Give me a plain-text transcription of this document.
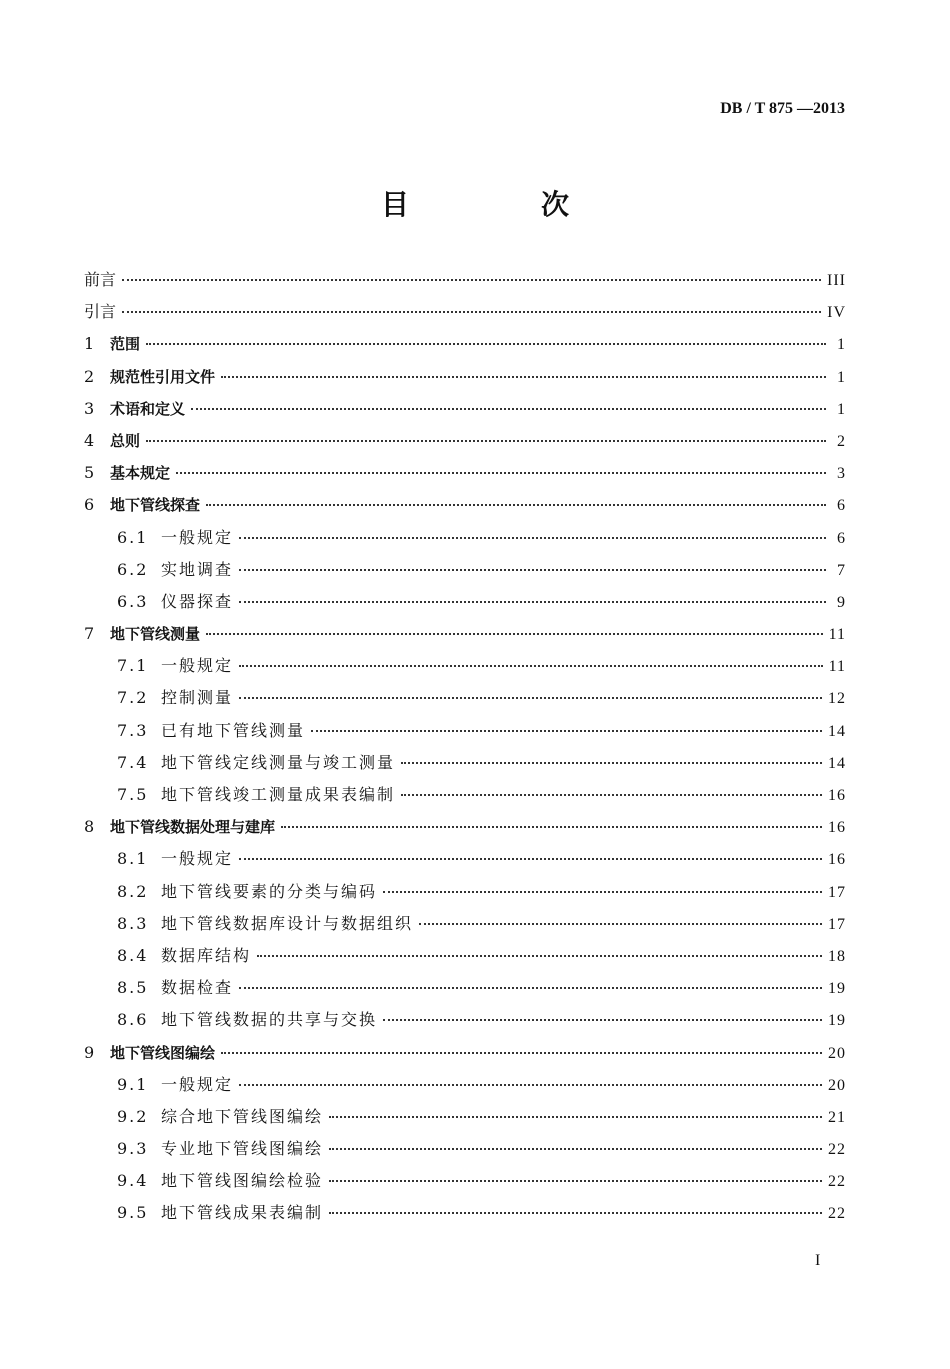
DB / T 875 —2013
目　次
前言	III
引言	IV
1	范围	1
2	规范性引用文件	1
3	术语和定义	1
4	总则	2
5	基本规定	3
6	地下管线探查	6
6.1 一般规定	6
6.2 实地调查	7
6.3 仪器探查	9
7	地下管线测量	11
7.1 一般规定	11
7.2 控制测量	12
7.3 已有地下管线测量	14
7.4 地下管线定线测量与竣工测量	14
7.5 地下管线竣工测量成果表编制	16
8	地下管线数据处理与建库	16
8.1 一般规定	16
8.2 地下管线要素的分类与编码	17
8.3 地下管线数据库设计与数据组织	17
8.4 数据库结构	18
8.5 数据检查	19
8.6 地下管线数据的共享与交换	19
9	地下管线图编绘	20
9.1 一般规定	20
9.2 综合地下管线图编绘	21
9.3 专业地下管线图编绘	22
9.4 地下管线图编绘检验	22
9.5 地下管线成果表编制	22
I
